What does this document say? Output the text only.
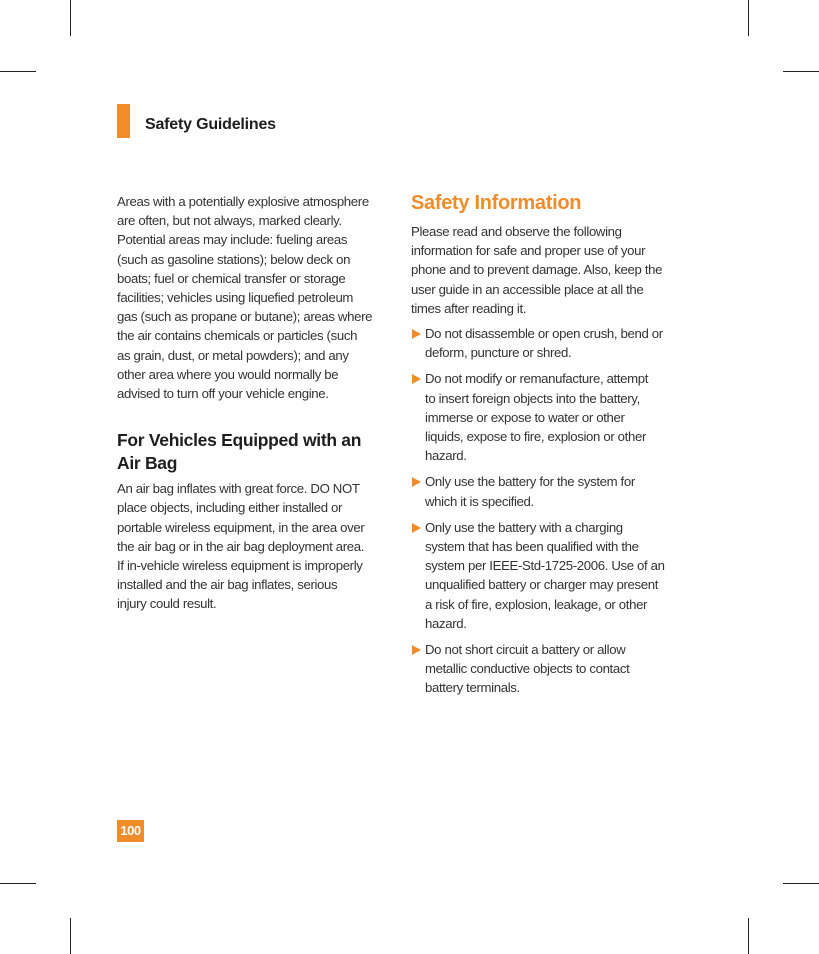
Safety Guidelines

Areas with a potentially explosive atmosphere
are often, but not always, marked clearly.
Potential areas may include: fueling areas
(such as gasoline stations); below deck on
boats; fuel or chemical transfer or storage
facilities; vehicles using liquefied petroleum
gas (such as propane or butane); areas where
the air contains chemicals or particles (such
as grain, dust, or metal powders); and any
other area where you would normally be
advised to turn off your vehicle engine.

For Vehicles Equipped with an
Air Bag

An air bag inflates with great force. DO NOT
place objects, including either installed or
portable wireless equipment, in the area over
the air bag or in the air bag deployment area.
If in-vehicle wireless equipment is improperly
installed and the air bag inflates, serious
injury could result.

Safety Information

Please read and observe the following
information for safe and proper use of your
phone and to prevent damage. Also, keep the
user guide in an accessible place at all the
times after reading it.

Do not disassemble or open crush, bend or
deform, puncture or shred.
Do not modify or remanufacture, attempt
to insert foreign objects into the battery,
immerse or expose to water or other
liquids, expose to fire, explosion or other
hazard.
Only use the battery for the system for
which it is specified.
Only use the battery with a charging
system that has been qualified with the
system per IEEE-Std-1725-2006. Use of an
unqualified battery or charger may present
a risk of fire, explosion, leakage, or other
hazard.
Do not short circuit a battery or allow
metallic conductive objects to contact
battery terminals.
100
